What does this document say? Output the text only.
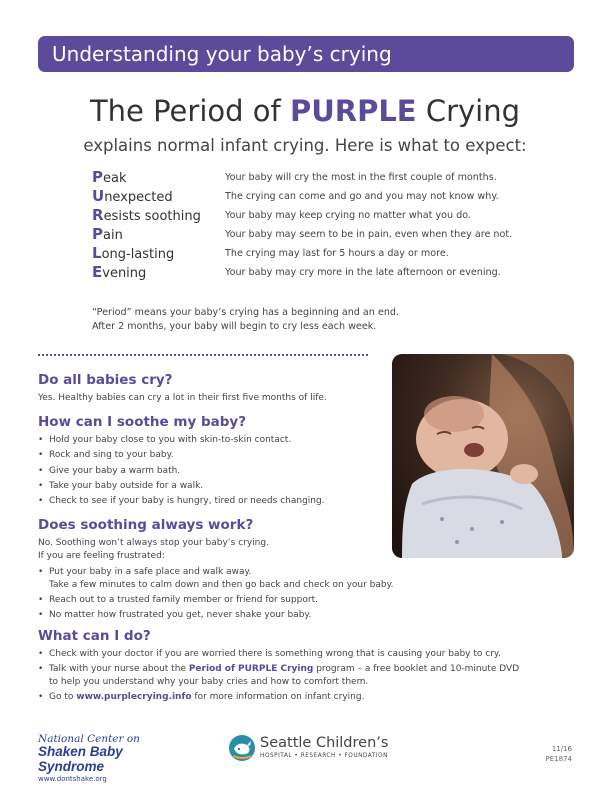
Understanding your baby’s crying
The Period of PURPLE Crying
explains normal infant crying. Here is what to expect:
Peak	Your baby will cry the most in the first couple of months.
Unexpected	The crying can come and go and you may not know why.
Resists soothing	Your baby may keep crying no matter what you do.
Pain	Your baby may seem to be in pain, even when they are not.
Long-lasting	The crying may last for 5 hours a day or more.
Evening	Your baby may cry more in the late afternoon or evening.
“Period” means your baby’s crying has a beginning and an end.
After 2 months, your baby will begin to cry less each week.
Do all babies cry?

Yes. Healthy babies can cry a lot in their first five months of life.

How can I soothe my baby?
• Hold your baby close to you with skin-to-skin contact.
• Rock and sing to your baby.
• Give your baby a warm bath.
• Take your baby outside for a walk.
• Check to see if your baby is hungry, tired or needs changing.
Does soothing always work?

No. Soothing won’t always stop your baby’s crying.
If you are feeling frustrated:

• Put your baby in a safe place and walk away.
Take a few minutes to calm down and then go back and check on your baby.
• Reach out to a trusted family member or friend for support.
• No matter how frustrated you get, never shake your baby.
What can I do?
• Check with your doctor if you are worried there is something wrong that is causing your baby to cry.
• Talk with your nurse about the Period of PURPLE Crying program – a free booklet and 10-minute DVD
to help you understand why your baby cries and how to comfort them.
• Go to www.purplecrying.info for more information on infant crying.
National Center on
Shaken Baby Syndrome
www.dontshake.org
Seattle Children’s
HOSPITAL • RESEARCH • FOUNDATION
11/16
PE1874
